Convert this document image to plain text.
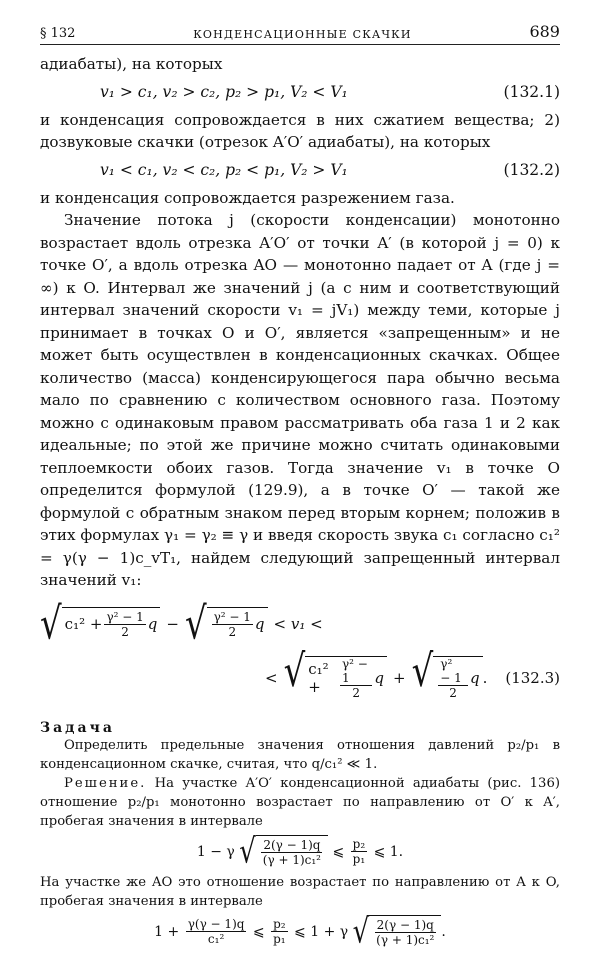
§ 132	КОНДЕНСАЦИОННЫЕ СКАЧКИ	689

адиабаты), на которых

v₁ > c₁, v₂ > c₂, p₂ > p₁, V₂ < V₁	(132.1)

и конденсация сопровождается в них сжатием вещества; 2) дозвуковые скачки (отрезок A′O′ адиабаты), на которых

v₁ < c₁, v₂ < c₂, p₂ < p₁, V₂ > V₁	(132.2)

и конденсация сопровождается разрежением газа.

Значение потока j (скорости конденсации) монотонно возрастает вдоль отрезка A′O′ от точки A′ (в которой j = 0) к точке O′, а вдоль отрезка AO — монотонно падает от A (где j = ∞) к O. Интервал же значений j (а с ним и соответствующий интервал значений скорости v₁ = jV₁) между теми, которые j принимает в точках O и O′, является «запрещенным» и не может быть осуществлен в конденсационных скачках. Общее количество (масса) конденсирующегося пара обычно весьма мало по сравнению с количеством основного газа. Поэтому можно с одинаковым правом рассматривать оба газа 1 и 2 как идеальные; по этой же причине можно считать одинаковыми теплоемкости обоих газов. Тогда значение v₁ в точке O определится формулой (129.9), а в точке O′ — такой же формулой с обратным знаком перед вторым корнем; положив в этих формулах γ₁ = γ₂ ≡ γ и введя скорость звука c₁ согласно c₁² = γ(γ − 1)c_vT₁, найдем следующий запрещенный интервал значений v₁:

√ $c_1^2 + \frac{\text{γ² − 1}}{2}$ q − √ $\frac{\text{γ² − 1}}{2}$ q < v₁ <
< √ c₁² +	$\frac{\text{γ² − 1}}{2}$ q + √ $\frac{\text{γ² − 1}}{2}$ q . (132.3)
Задача

Определить предельные значения отношения давлений p₂/p₁ в конденсационном скачке, считая, что q/c₁² ≪ 1.

Решение. На участке A′O′ конденсационной адиабаты (рис. 136) отношение p₂/p₁ монотонно возрастает по направлению от O′ к A′, пробегая значения в интервале

1 − γ √ $\frac{2(\gamma - 1)q}{\text{(γ + 1)c₁²}}$ ⩽ $\frac{\text{p₂}}{\text{p₁}}$ ⩽ 1.

На участке же AO это отношение возрастает по направлению от A к O, пробегая значения в интервале

$1 + \frac{\gamma(\gamma - 1)q}{\text{c₁²}}$ ⩽ $\frac{\text{p₂}}{\text{p₁}}$ ⩽ 1 + γ √ $\frac{2(\gamma - 1)q}{\text{(γ + 1)c₁²}}$ .
